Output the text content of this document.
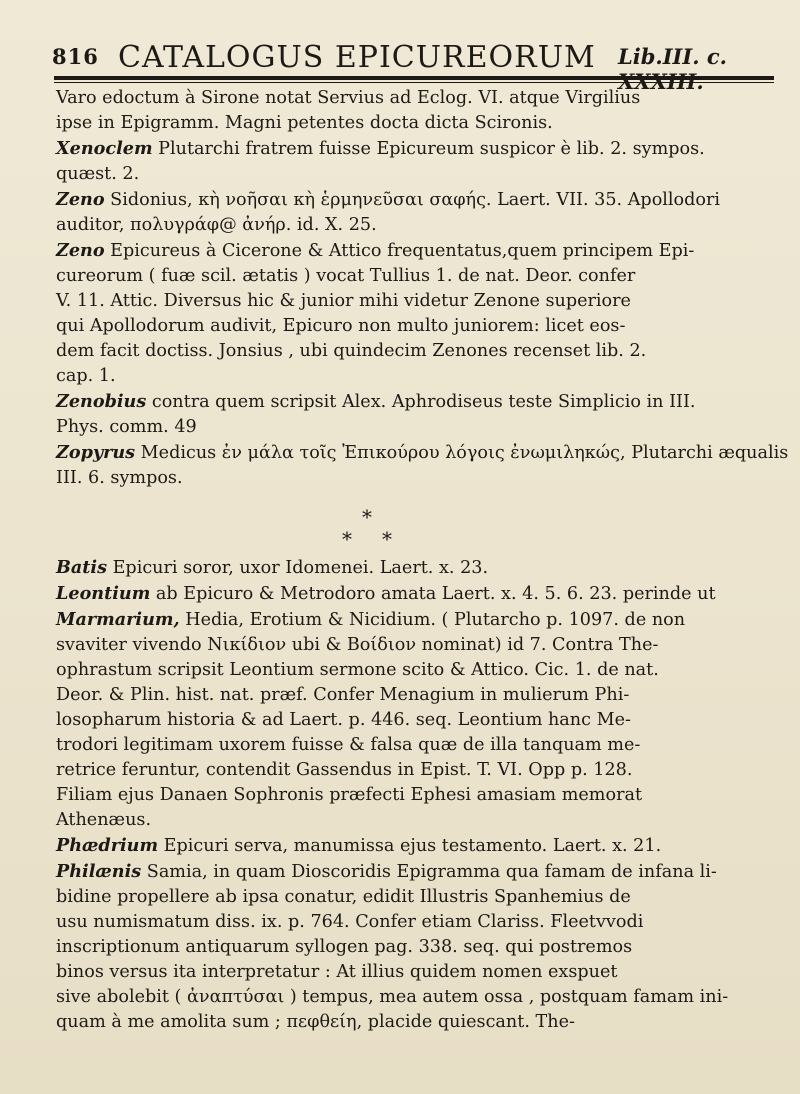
816 CATALOGUS EPICUREORUM Lib.III. c.
Varo edoctum à Sirone notat Servius ad Eclog. VI. atque Virgilius
ipse in Epigramm. Magni petentes docta dicta Scironis.
Xenoclem Plutarchi fratrem fuisse Epicureum suspicor è lib. 2. sympos.
quæst. 2.
Zeno Sidonius, κὴ νοῆσαι κὴ ἑρμηνεῦσαι σαφής. Laert. VII. 35. Apollodori
auditor, πολυγράφ@ ἀνήρ. id. X. 25.
Zeno Epicureus à Cicerone & Attico frequentatus,quem principem Epi-
cureorum ( fuæ scil. ætatis ) vocat Tullius 1. de nat. Deor. confer
V. 11. Attic. Diversus hic & junior mihi videtur Zenone superiore
qui Apollodorum audivit, Epicuro non multo juniorem: licet eos-
dem facit doctiss. Jonsius , ubi quindecim Zenones recenset lib. 2.
cap. 1.
Zenobius contra quem scripsit Alex. Aphrodiseus teste Simplicio in III.
Phys. comm. 49
Zopyrus Medicus ἐν μάλα τοῖς Ἐπικούρου λόγοις ἐνωμιληκώς, Plutarchi æqualis
III. 6. sympos.
*
* *
Batis Epicuri soror, uxor Idomenei. Laert. x. 23.
Leontium ab Epicuro & Metrodoro amata Laert. x. 4. 5. 6. 23. perinde ut
Marmarium, Hedia, Erotium & Nicidium. ( Plutarcho p. 1097. de non
svaviter vivendo Νικίδιον ubi & Βοίδιον nominat) id 7. Contra The-
ophrastum scripsit Leontium sermone scito & Attico. Cic. 1. de nat.
Deor. & Plin. hist. nat. præf. Confer Menagium in mulierum Phi-
losopharum historia & ad Laert. p. 446. seq. Leontium hanc Me-
trodori legitimam uxorem fuisse & falsa quæ de illa tanquam me-
retrice feruntur, contendit Gassendus in Epist. T. VI. Opp p. 128.
Filiam ejus Danaen Sophronis præfecti Ephesi amasiam memorat
Athenæus.
Phædrium Epicuri serva, manumissa ejus testamento. Laert. x. 21.
Philænis Samia, in quam Dioscoridis Epigramma qua famam de infana li-
bidine propellere ab ipsa conatur, edidit Illustris Spanhemius de
usu numismatum diss. ix. p. 764. Confer etiam Clariss. Fleetvvodi
inscriptionum antiquarum syllogen pag. 338. seq. qui postremos
binos versus ita interpretatur : At illius quidem nomen exspuet
sive abolebit ( ἀναπτύσαι ) tempus, mea autem ossa , postquam famam ini-
quam à me amolita sum ; πεφθείη, placide quiescant. The-
